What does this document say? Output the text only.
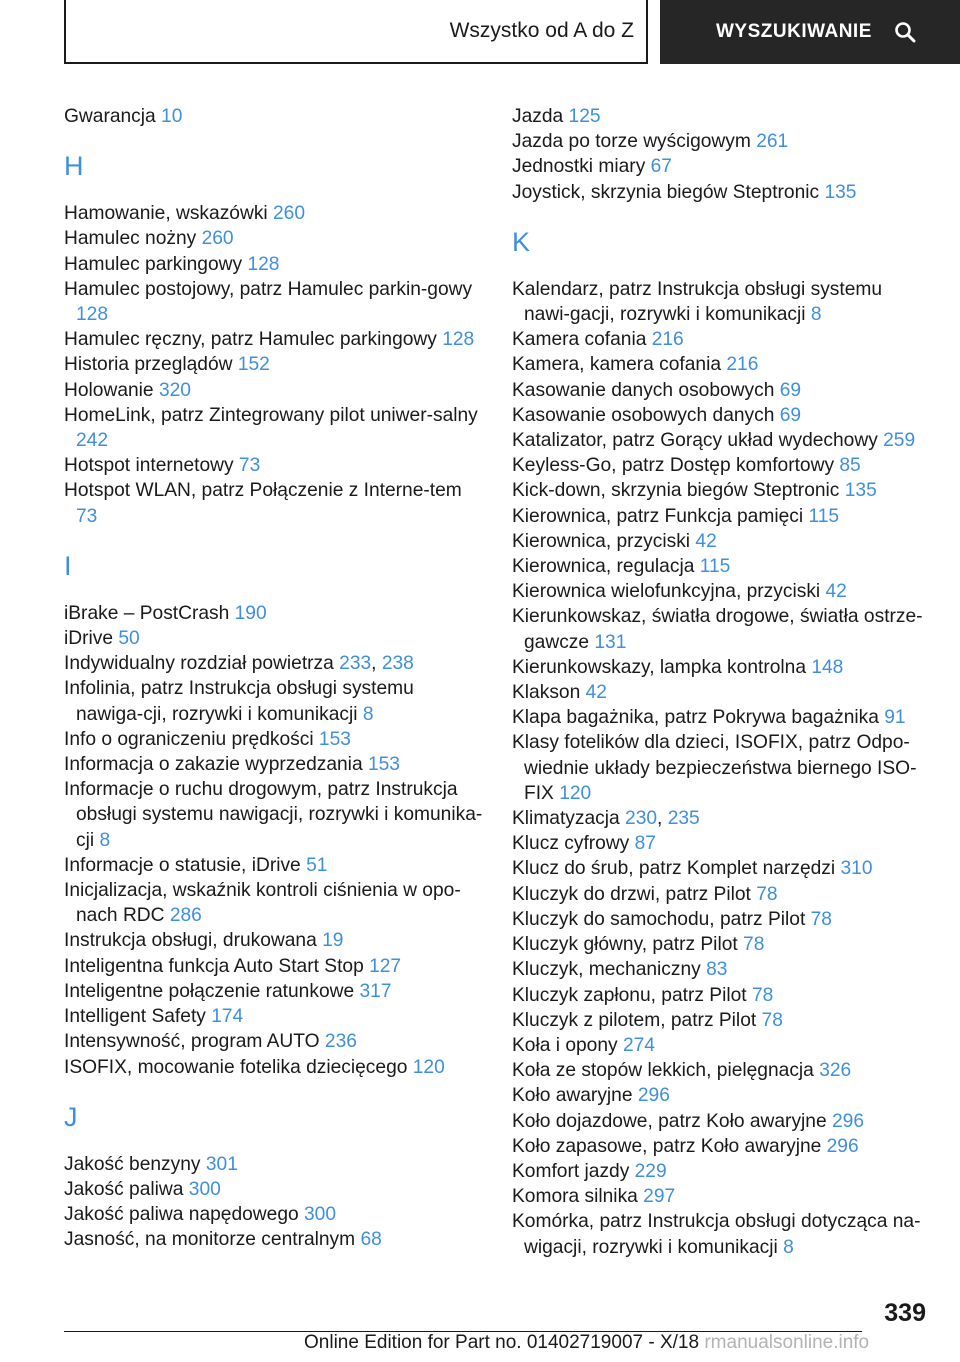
Wszystko od A do Z	WYSZUKIWANIE
Gwarancja 10
H
Hamowanie, wskazówki 260
Hamulec nożny 260
Hamulec parkingowy 128
Hamulec postojowy, patrz Hamulec parkin‐gowy 128
Hamulec ręczny, patrz Hamulec parkingowy 128
Historia przeglądów 152
Holowanie 320
HomeLink, patrz Zintegrowany pilot uniwer‐salny 242
Hotspot internetowy 73
Hotspot WLAN, patrz Połączenie z Interne‐tem 73
I
iBrake – PostCrash 190
iDrive 50
Indywidualny rozdział powietrza 233, 238
Infolinia, patrz Instrukcja obsługi systemu nawiga‐cji, rozrywki i komunikacji 8
Info o ograniczeniu prędkości 153
Informacja o zakazie wyprzedzania 153
Informacje o ruchu drogowym, patrz Instrukcja obsługi systemu nawigacji, rozrywki i komunika‐cji 8
Informacje o statusie, iDrive 51
Inicjalizacja, wskaźnik kontroli ciśnienia w opo‐nach RDC 286
Instrukcja obsługi, drukowana 19
Inteligentna funkcja Auto Start Stop 127
Inteligentne połączenie ratunkowe 317
Intelligent Safety 174
Intensywność, program AUTO 236
ISOFIX, mocowanie fotelika dziecięcego 120
J
Jakość benzyny 301
Jakość paliwa 300
Jakość paliwa napędowego 300
Jasność, na monitorze centralnym 68
Jazda 125
Jazda po torze wyścigowym 261
Jednostki miary 67
Joystick, skrzynia biegów Steptronic 135
K
Kalendarz, patrz Instrukcja obsługi systemu nawi‐gacji, rozrywki i komunikacji 8
Kamera cofania 216
Kamera, kamera cofania 216
Kasowanie danych osobowych 69
Kasowanie osobowych danych 69
Katalizator, patrz Gorący układ wydechowy 259
Keyless-Go, patrz Dostęp komfortowy 85
Kick-down, skrzynia biegów Steptronic 135
Kierownica, patrz Funkcja pamięci 115
Kierownica, przyciski 42
Kierownica, regulacja 115
Kierownica wielofunkcyjna, przyciski 42
Kierunkowskaz, światła drogowe, światła ostrze‐gawcze 131
Kierunkowskazy, lampka kontrolna 148
Klakson 42
Klapa bagażnika, patrz Pokrywa bagażnika 91
Klasy fotelików dla dzieci, ISOFIX, patrz Odpo‐wiednie układy bezpieczeństwa biernego ISO‐FIX 120
Klimatyzacja 230, 235
Klucz cyfrowy 87
Klucz do śrub, patrz Komplet narzędzi 310
Kluczyk do drzwi, patrz Pilot 78
Kluczyk do samochodu, patrz Pilot 78
Kluczyk główny, patrz Pilot 78
Kluczyk, mechaniczny 83
Kluczyk zapłonu, patrz Pilot 78
Kluczyk z pilotem, patrz Pilot 78
Koła i opony 274
Koła ze stopów lekkich, pielęgnacja 326
Koło awaryjne 296
Koło dojazdowe, patrz Koło awaryjne 296
Koło zapasowe, patrz Koło awaryjne 296
Komfort jazdy 229
Komora silnika 297
Komórka, patrz Instrukcja obsługi dotycząca na‐wigacji, rozrywki i komunikacji 8
339
Online Edition for Part no. 01402719007 - X/18 rmanualsonline.info
